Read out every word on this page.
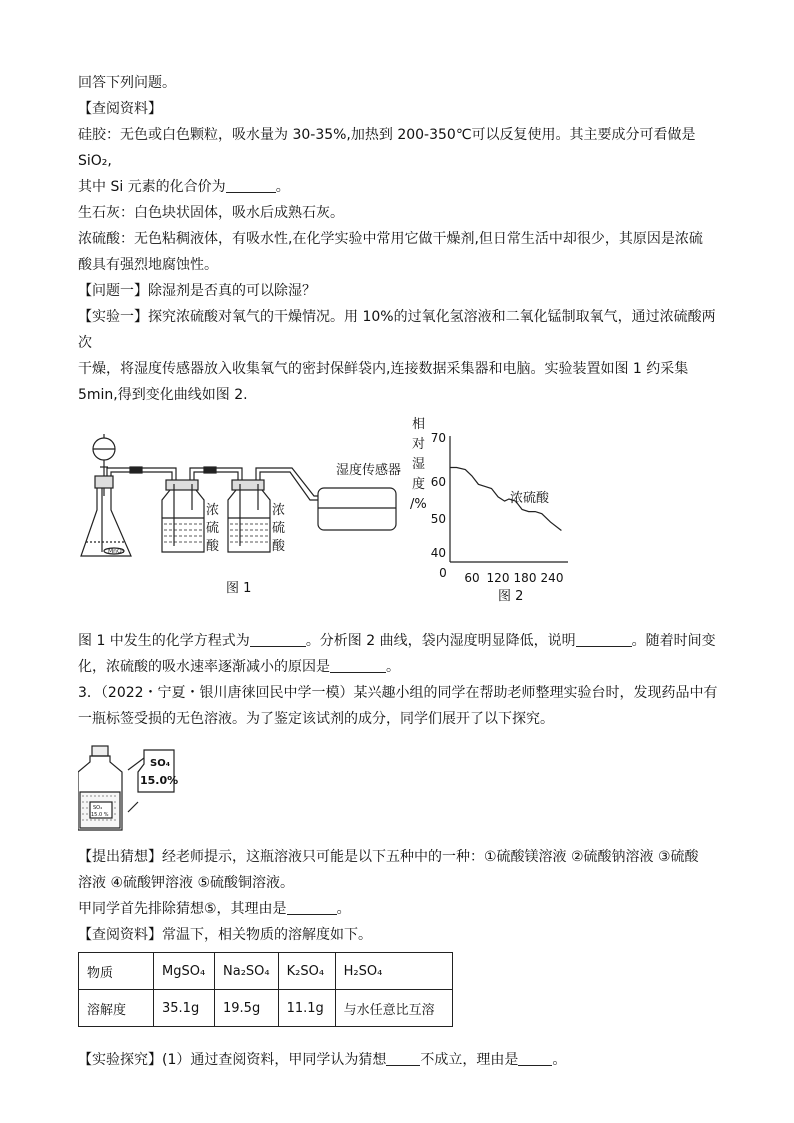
回答下列问题。

【查阅资料】

硅胶：无色或白色颗粒，吸水量为 30-35%,加热到 200-350℃可以反复使用。其主要成分可看做是 SiO₂,

其中 Si 元素的化合价为	。

生石灰：白色块状固体，吸水后成熟石灰。

浓硫酸：无色粘稠液体，有吸水性,在化学实验中常用它做干燥剂,但日常生活中却很少，其原因是浓硫

酸具有强烈地腐蚀性。

【问题一】除湿剂是否真的可以除湿？

【实验一】探究浓硫酸对氧气的干燥情况。用 10%的过氧化氢溶液和二氧化锰制取氧气，通过浓硫酸两次

干燥，将湿度传感器放入收集氧气的密封保鲜袋内,连接数据采集器和电脑。实验装置如图 1 约采集

5min,得到变化曲线如图 2.

MnO₂
浓
硫
酸
浓
硫
酸
湿度传感器
图 1
相
对
湿
度
/%
70
60
50
40
0 60 120 180 240
浓硫酸
图 2

图 1 中发生的化学方程式为	。分析图 2 曲线，袋内湿度明显降低，说明	。随着时间变

化，浓硫酸的吸水速率逐渐减小的原因是	。

3．（2022・宁夏・银川唐徕回民中学一模）某兴趣小组的同学在帮助老师整理实验台时，发现药品中有

一瓶标签受损的无色溶液。为了鉴定该试剂的成分，同学们展开了以下探究。

SO₄
15.0 %
SO₄
15.0%

【提出猜想】经老师提示，这瓶溶液只可能是以下五种中的一种：①硫酸镁溶液 ②硫酸钠溶液 ③硫酸

溶液 ④硫酸钾溶液 ⑤硫酸铜溶液。

甲同学首先排除猜想⑤，其理由是	。

【查阅资料】常温下，相关物质的溶解度如下。

物质	MgSO₄	Na₂SO₄	K₂SO₄	H₂SO₄
溶解度	35.1g	19.5g	11.1g	与水任意比互溶

【实验探究】(1）通过查阅资料，甲同学认为猜想 不成立，理由是 。
